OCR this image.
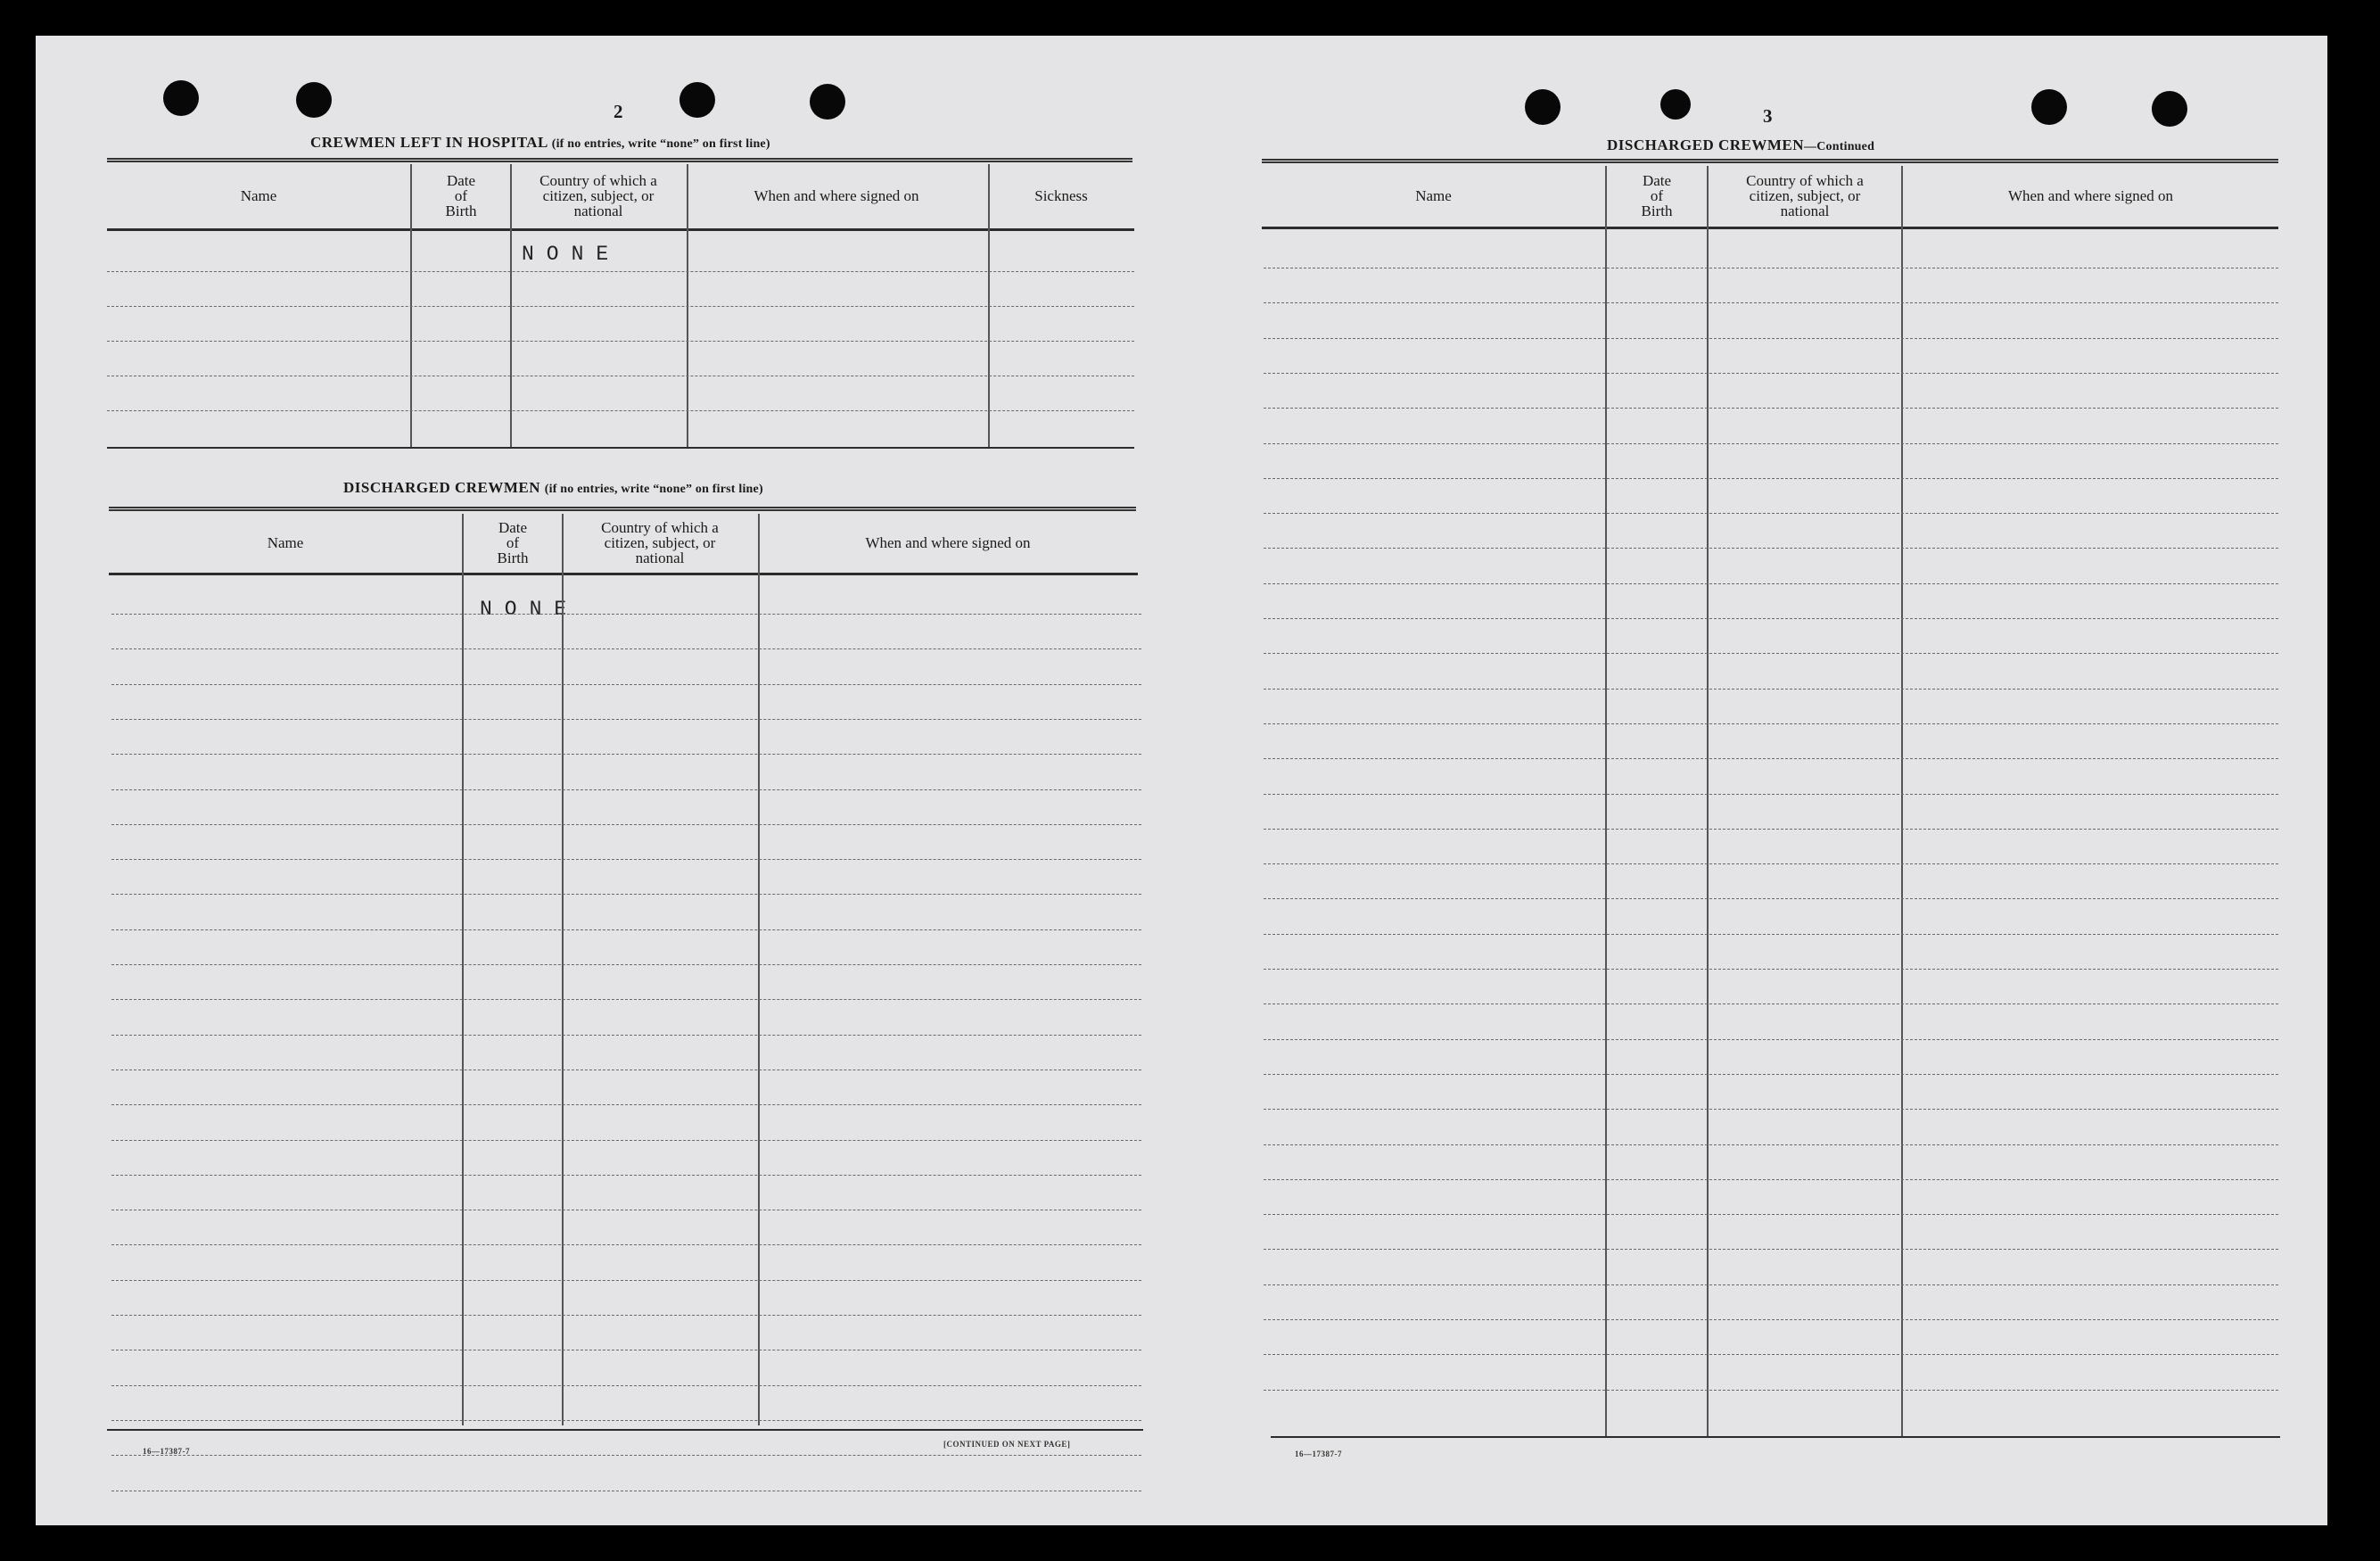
2
CREWMEN LEFT IN HOSPITAL (if no entries, write “none” on first line)
Name
Date
of
Birth
Country of which a
citizen, subject, or
national
When and where signed on	Sickness
NONE
DISCHARGED CREWMEN (if no entries, write “none” on first line)
Name
Date
of
Birth
Country of which a
citizen, subject, or
national
When and where signed on
NONE
16—17387-7
[CONTINUED ON NEXT PAGE]
3
DISCHARGED CREWMEN—Continued
Name
Date
of
Birth
Country of which a
citizen, subject, or
national
When and where signed on
16—17387-7
